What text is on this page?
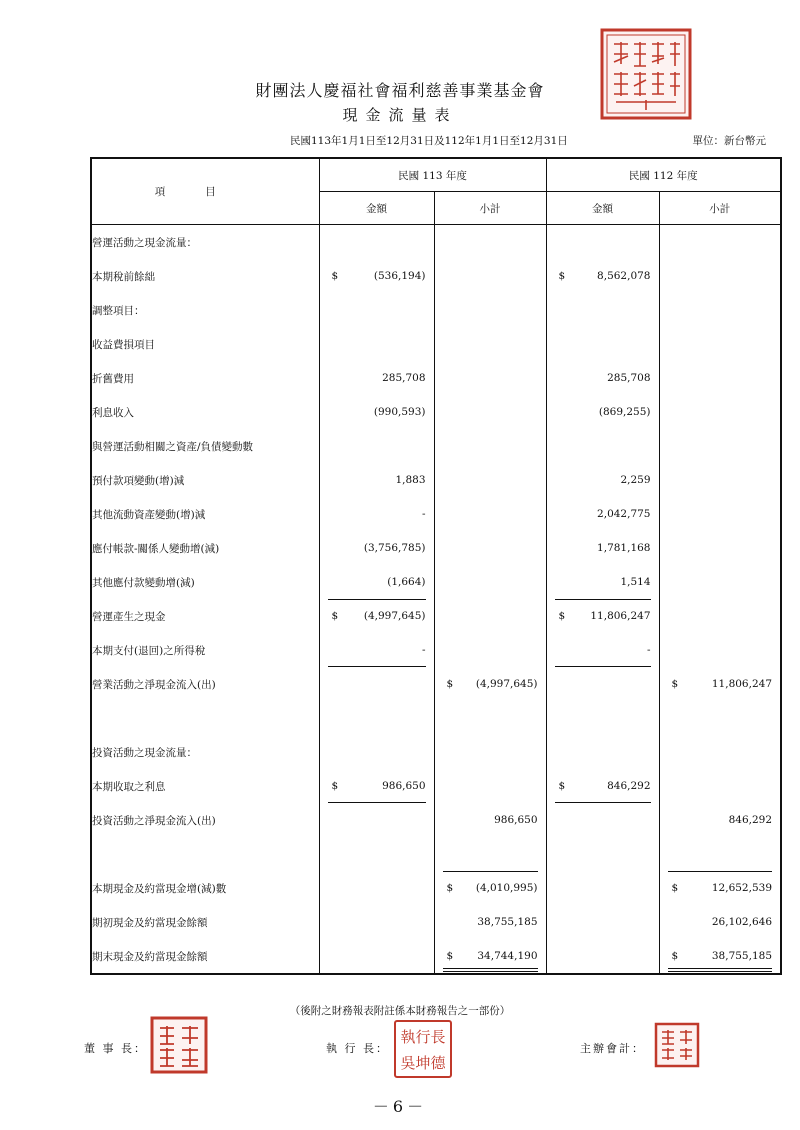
財團法人慶福社會福利慈善事業基金會
現金流量表
民國113年1月1日至12月31日及112年1月1日至12月31日	單位：新台幣元
項目	民國 113 年度		民國 112 年度	
	金額	小計	金額	小計
營運活動之現金流量：				
本期稅前餘絀	$ (536,194)		$ 8,562,078	
調整項目：				
收益費損項目				
折舊費用	285,708		285,708	
利息收入	(990,593)		(869,255)	
與營運活動相關之資產/負債變動數				
預付款項變動(增)減	1,883		2,259	
其他流動資產變動(增)減	-		2,042,775	
應付帳款-關係人變動增(減)	(3,756,785)		1,781,168	
其他應付款變動增(減)	(1,664)		1,514	
營運產生之現金	$ (4,997,645)		$ 11,806,247	
本期支付(退回)之所得稅	-		-	
營業活動之淨現金流入(出)		$ (4,997,645)		$ 11,806,247

投資活動之現金流量：				
本期收取之利息	$ 986,650		$ 846,292	
投資活動之淨現金流入(出)		986,650		846,292

本期現金及約當現金增(減)數		$ (4,010,995)		$ 12,652,539
期初現金及約當現金餘額		38,755,185		26,102,646
期末現金及約當現金餘額		$ 34,744,190		$ 38,755,185
（後附之財務報表附註係本財務報告之一部份）
董 事 長：	執 行 長：
執行長吳坤德
主辦會計：
－6－
